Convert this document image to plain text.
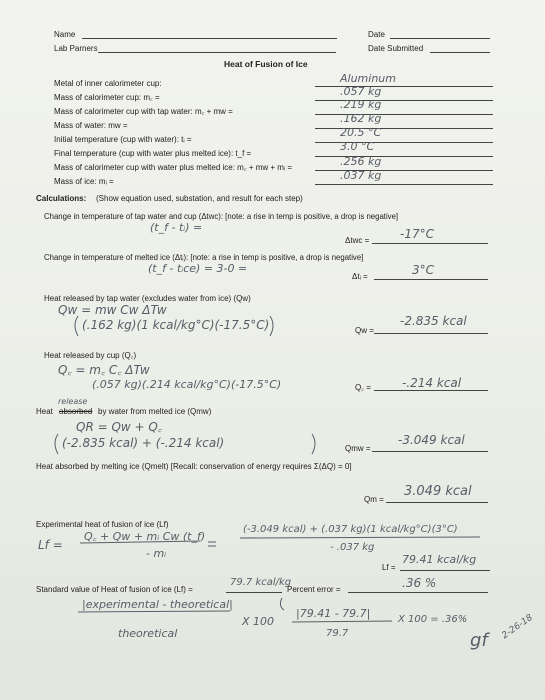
Name	Date
Lab Parners	Date Submitted
Heat of Fusion of Ice
Metal of inner calorimeter cup:	Aluminum
Mass of calorimeter cup: m꜀ =	.057 kg
Mass of calorimeter cup with tap water: m꜀ + mw =
.219 kg
Mass of water: mw =
.162 kg
Initial temperature (cup with water): tᵢ =
20.5 °C
Final temperature (cup with water plus melted ice): t_f =
3.0 °C
Mass of calorimeter cup with water plus melted ice: m꜀ + mw + mᵢ =	.256 kg
Mass of ice: mᵢ =	.037 kg
Calculations: (Show equation used, substation, and result for each step)
Change in temperature of tap water and cup (Δtwc): [note: a rise in temp is positive, a drop is negative]
(t_f - tᵢ) =
Δtwc =	-17°C
Change in temperature of melted ice (Δtᵢ): [note: a rise in temp is positive, a drop is negative]
(t_f - tᵢce) = 3-0 =
Δtᵢ =	3°C
Heat released by tap water (excludes water from ice) (Qw)
Qw = mw Cw ΔTw
(.162 kg)(1 kcal/kg°C)(-17.5°C)	Qw =
-2.835 kcal
Heat released by cup (Q꜀)
Q꜀ = m꜀ C꜀ ΔTw
(.057 kg)(.214 kcal/kg°C)(-17.5°C)	Q꜀ =	-.214 kcal
release
Heat absorbed by water from melted ice (Qmw)
QR = Qw + Q꜀
(-2.835 kcal) + (-.214 kcal)	Qmw =
-3.049 kcal
Heat absorbed by melting ice (Qmelt) [Recall: conservation of energy requires Σ(ΔQ) = 0]
Qm =
3.049 kcal
Experimental heat of fusion of ice (Lf)
Lf =
Q꜀ + Qw + mᵢ Cw (t_f)
- mᵢ
(-3.049 kcal) + (.037 kg)(1 kcal/kg°C)(3°C)
- .037 kg
Lf =
79.41 kcal/kg
Standard value of Heat of fusion of ice (Lf) =
79.7 kcal/kg
Percent error =	.36 %
|experimental - theoretical|
theoretical
X 100
|79.41 - 79.7|
79.7
X 100 = .36%
gf 2-26-18
